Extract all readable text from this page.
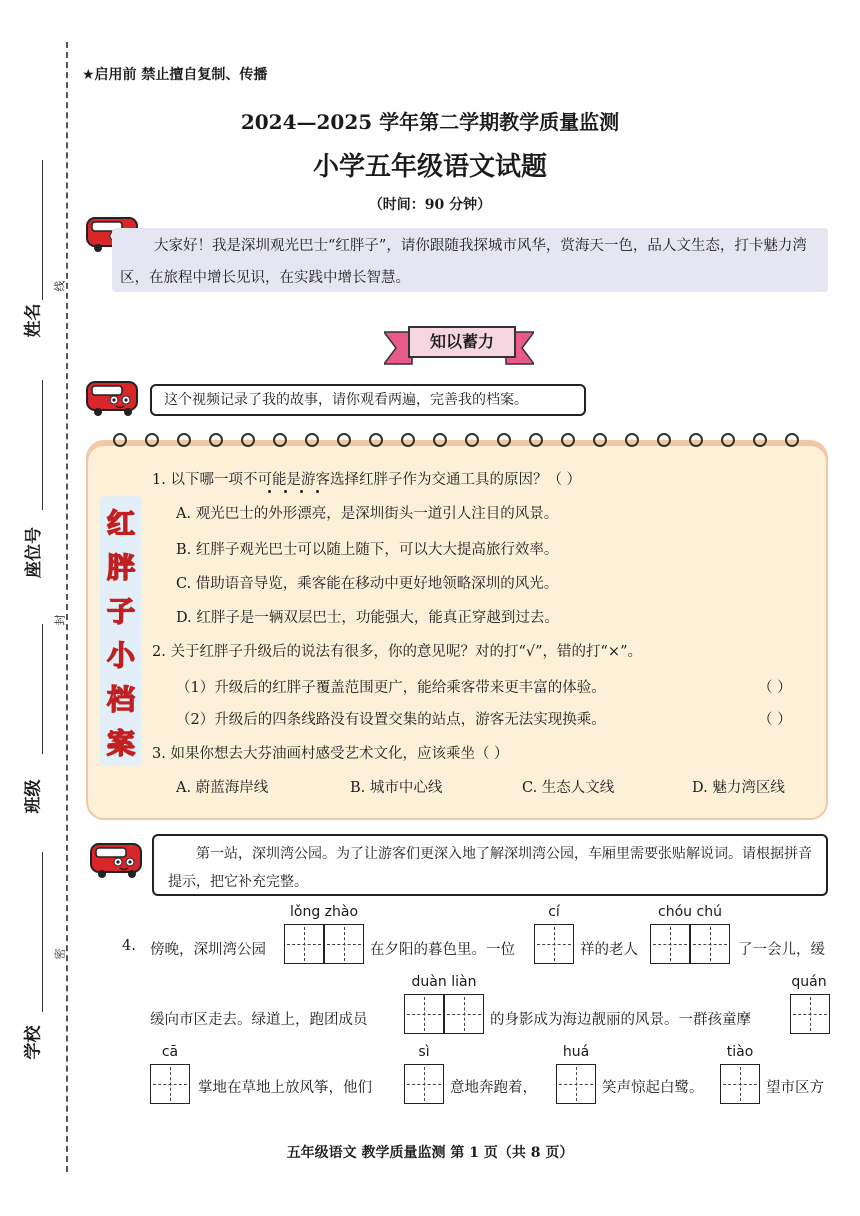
★启用前 禁止擅自复制、传播
2024—2025 学年第二学期教学质量监测
小学五年级语文试题
（时间：90 分钟）
姓名
线
座位号
封
班级
密
学校
大家好！我是深圳观光巴士“红胖子”，请你跟随我探城市风华，赏海天一色，品人文生态，打卡魅力湾区，在旅程中增长见识，在实践中增长智慧。
知以蓄力
这个视频记录了我的故事，请你观看两遍，完善我的档案。
红
胖
子
小
档
案
1. 以下哪一项不可能是游客选择红胖子作为交通工具的原因？（ ）
A. 观光巴士的外形漂亮，是深圳街头一道引人注目的风景。
B. 红胖子观光巴士可以随上随下，可以大大提高旅行效率。
C. 借助语音导览，乘客能在移动中更好地领略深圳的风光。
D. 红胖子是一辆双层巴士，功能强大，能真正穿越到过去。
2. 关于红胖子升级后的说法有很多，你的意见呢？对的打“√”，错的打“×”。
（1）升级后的红胖子覆盖范围更广，能给乘客带来更丰富的体验。	（ ）
（2）升级后的四条线路没有设置交集的站点，游客无法实现换乘。	（ ）
3. 如果你想去大芬油画村感受艺术文化，应该乘坐（ ）
A. 蔚蓝海岸线	B. 城市中心线	C. 生态人文线	D. 魅力湾区线
第一站，深圳湾公园。为了让游客们更深入地了解深圳湾公园，车厢里需要张贴解说词。请根据拼音提示，把它补充完整。
4. 傍晚，深圳湾公园
lǒng zhào
在夕阳的暮色里。一位
cí
祥的老人
chóu chú
了一会儿，缓
缓向市区走去。绿道上，跑团成员
duàn liàn
的身影成为海边靓丽的风景。一群孩童摩
quán
cā
掌地在草地上放风筝，他们
sì
意地奔跑着，
huá
笑声惊起白鹭。
tiào
望市区方
五年级语文 教学质量监测 第 1 页（共 8 页）
